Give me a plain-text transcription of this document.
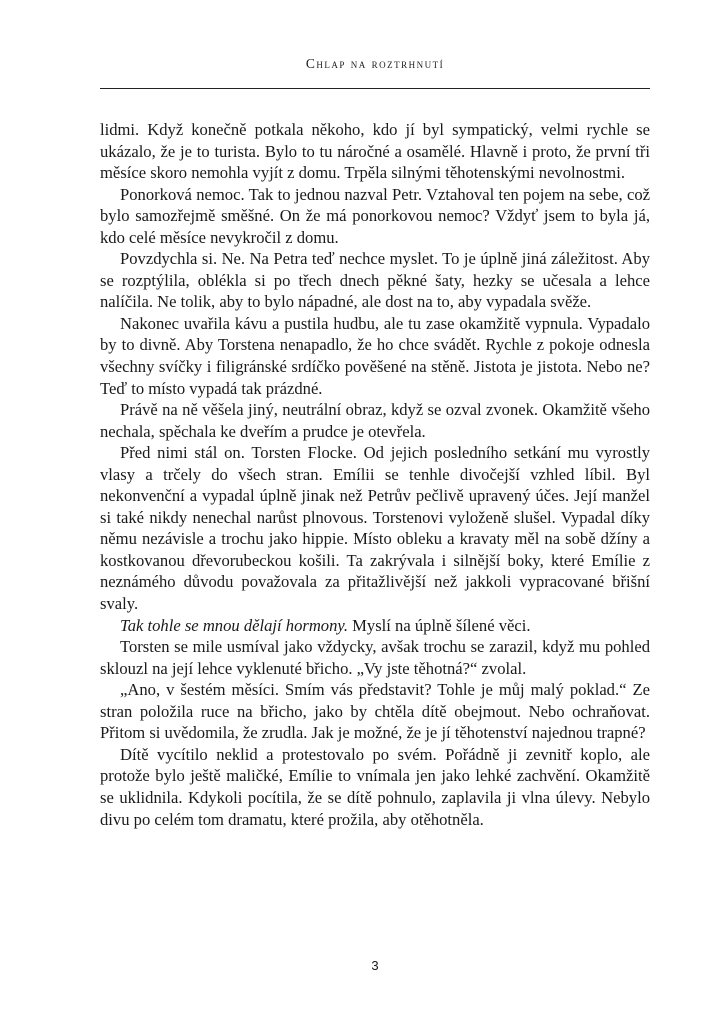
Chlap na roztrhnutí

lidmi. Když konečně potkala někoho, kdo jí byl sympatický, velmi rychle se ukázalo, že je to turista. Bylo to tu náročné a osamělé. Hlavně i proto, že první tři měsíce skoro nemohla vyjít z domu. Trpěla silnými těhotenskými nevolnostmi.

Ponorková nemoc. Tak to jednou nazval Petr. Vztahoval ten pojem na sebe, což bylo samozřejmě směšné. On že má ponorkovou nemoc? Vždyť jsem to byla já, kdo celé měsíce nevykročil z domu.

Povzdychla si. Ne. Na Petra teď nechce myslet. To je úplně jiná záležitost. Aby se rozptýlila, oblékla si po třech dnech pěkné šaty, hezky se učesala a lehce nalíčila. Ne tolik, aby to bylo nápadné, ale dost na to, aby vypadala svěže.

Nakonec uvařila kávu a pustila hudbu, ale tu zase okamžitě vypnula. Vypadalo by to divně. Aby Torstena nenapadlo, že ho chce svádět. Rychle z pokoje odnesla všechny svíčky i filigránské srdíčko pověšené na stěně. Jistota je jistota. Nebo ne? Teď to místo vypadá tak prázdné.

Právě na ně věšela jiný, neutrální obraz, když se ozval zvonek. Okamžitě všeho nechala, spěchala ke dveřím a prudce je otevřela.

Před nimi stál on. Torsten Flocke. Od jejich posledního setkání mu vyrostly vlasy a trčely do všech stran. Emílii se tenhle divočejší vzhled líbil. Byl nekonvenční a vypadal úplně jinak než Petrův pečlivě upravený účes. Její manžel si také nikdy nenechal narůst plnovous. Torstenovi vyloženě slušel. Vypadal díky němu nezávisle a trochu jako hippie. Místo obleku a kravaty měl na sobě džíny a kostkovanou dřevorubeckou košili. Ta zakrývala i silnější boky, které Emílie z neznámého důvodu považovala za přitažlivější než jakkoli vypracované břišní svaly.

Tak tohle se mnou dělají hormony. Myslí na úplně šílené věci.

Torsten se mile usmíval jako vždycky, avšak trochu se zarazil, když mu pohled sklouzl na její lehce vyklenuté břicho. „Vy jste těhotná?“ zvolal.

„Ano, v šestém měsíci. Smím vás představit? Tohle je můj malý poklad.“ Ze stran položila ruce na břicho, jako by chtěla dítě obejmout. Nebo ochraňovat. Přitom si uvědomila, že zrudla. Jak je možné, že je jí těhotenství najednou trapné?

Dítě vycítilo neklid a protestovalo po svém. Pořádně ji zevnitř koplo, ale protože bylo ještě maličké, Emílie to vnímala jen jako lehké zachvění. Okamžitě se uklidnila. Kdykoli pocítila, že se dítě pohnulo, zaplavila ji vlna úlevy. Nebylo divu po celém tom dramatu, které prožila, aby otěhotněla.

3
